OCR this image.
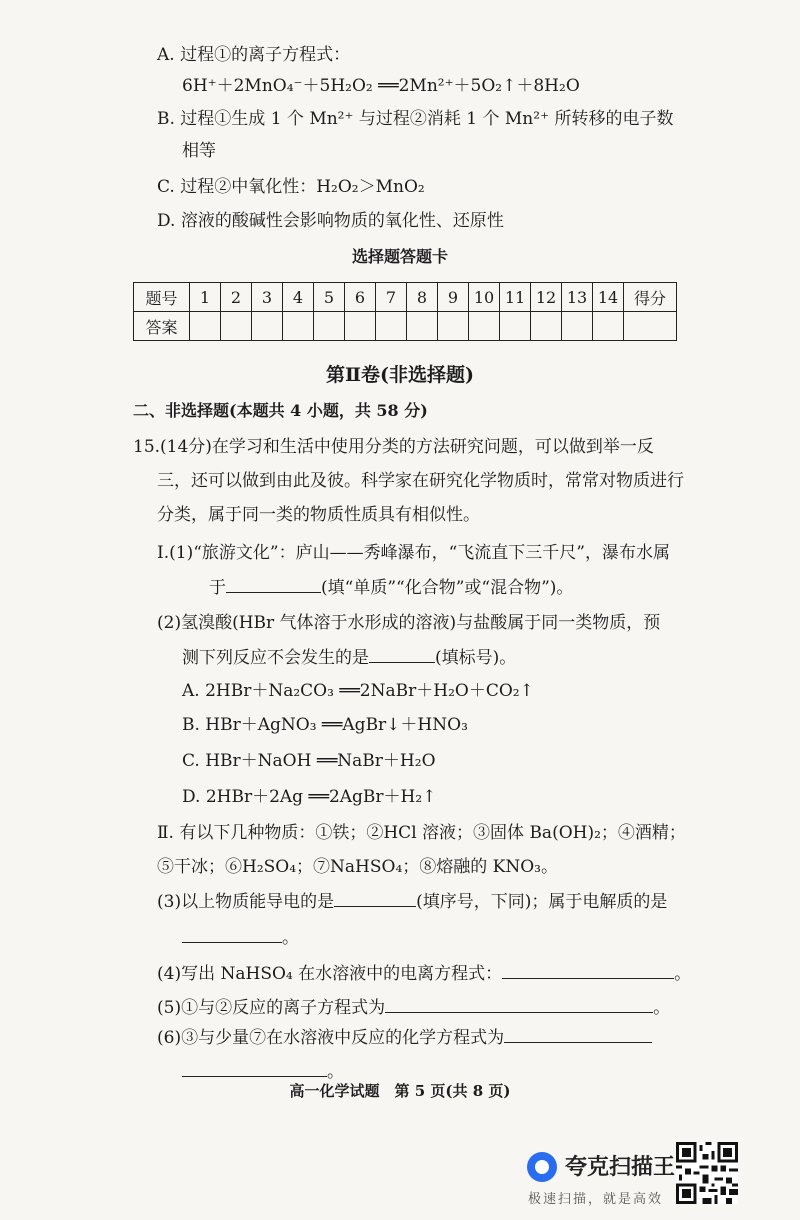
A. 过程①的离子方程式：
6H⁺＋2MnO₄⁻＋5H₂O₂ ══2Mn²⁺＋5O₂↑＋8H₂O
B. 过程①生成 1 个 Mn²⁺ 与过程②消耗 1 个 Mn²⁺ 所转移的电子数
相等
C. 过程②中氧化性：H₂O₂＞MnO₂
D. 溶液的酸碱性会影响物质的氧化性、还原性
选择题答题卡
题号	1	2	3	4	5	6	7	8	9	10	11	12	13	14	得分
答案															
第Ⅱ卷(非选择题)
二、非选择题(本题共 4 小题，共 58 分)
15.(14分)在学习和生活中使用分类的方法研究问题，可以做到举一反
三，还可以做到由此及彼。科学家在研究化学物质时，常常对物质进行
分类，属于同一类的物质性质具有相似性。
Ⅰ.(1)“旅游文化”：庐山——秀峰瀑布，“飞流直下三千尺”，瀑布水属
于	(填“单质”“化合物”或“混合物”)。
(2)氢溴酸(HBr 气体溶于水形成的溶液)与盐酸属于同一类物质，预
测下列反应不会发生的是	(填标号)。
A. 2HBr＋Na₂CO₃ ══2NaBr＋H₂O＋CO₂↑
B. HBr＋AgNO₃ ══AgBr↓＋HNO₃
C. HBr＋NaOH ══NaBr＋H₂O
D. 2HBr＋2Ag ══2AgBr＋H₂↑
Ⅱ. 有以下几种物质：①铁；②HCl 溶液；③固体 Ba(OH)₂；④酒精；
⑤干冰；⑥H₂SO₄；⑦NaHSO₄；⑧熔融的 KNO₃。
(3)以上物质能导电的是	(填序号，下同)；属于电解质的是
。
(4)写出 NaHSO₄ 在水溶液中的电离方程式：	。
(5)①与②反应的离子方程式为	。
(6)③与少量⑦在水溶液中反应的化学方程式为
。
高一化学试题　第 5 页(共 8 页)
夸克扫描王
极速扫描，就是高效
